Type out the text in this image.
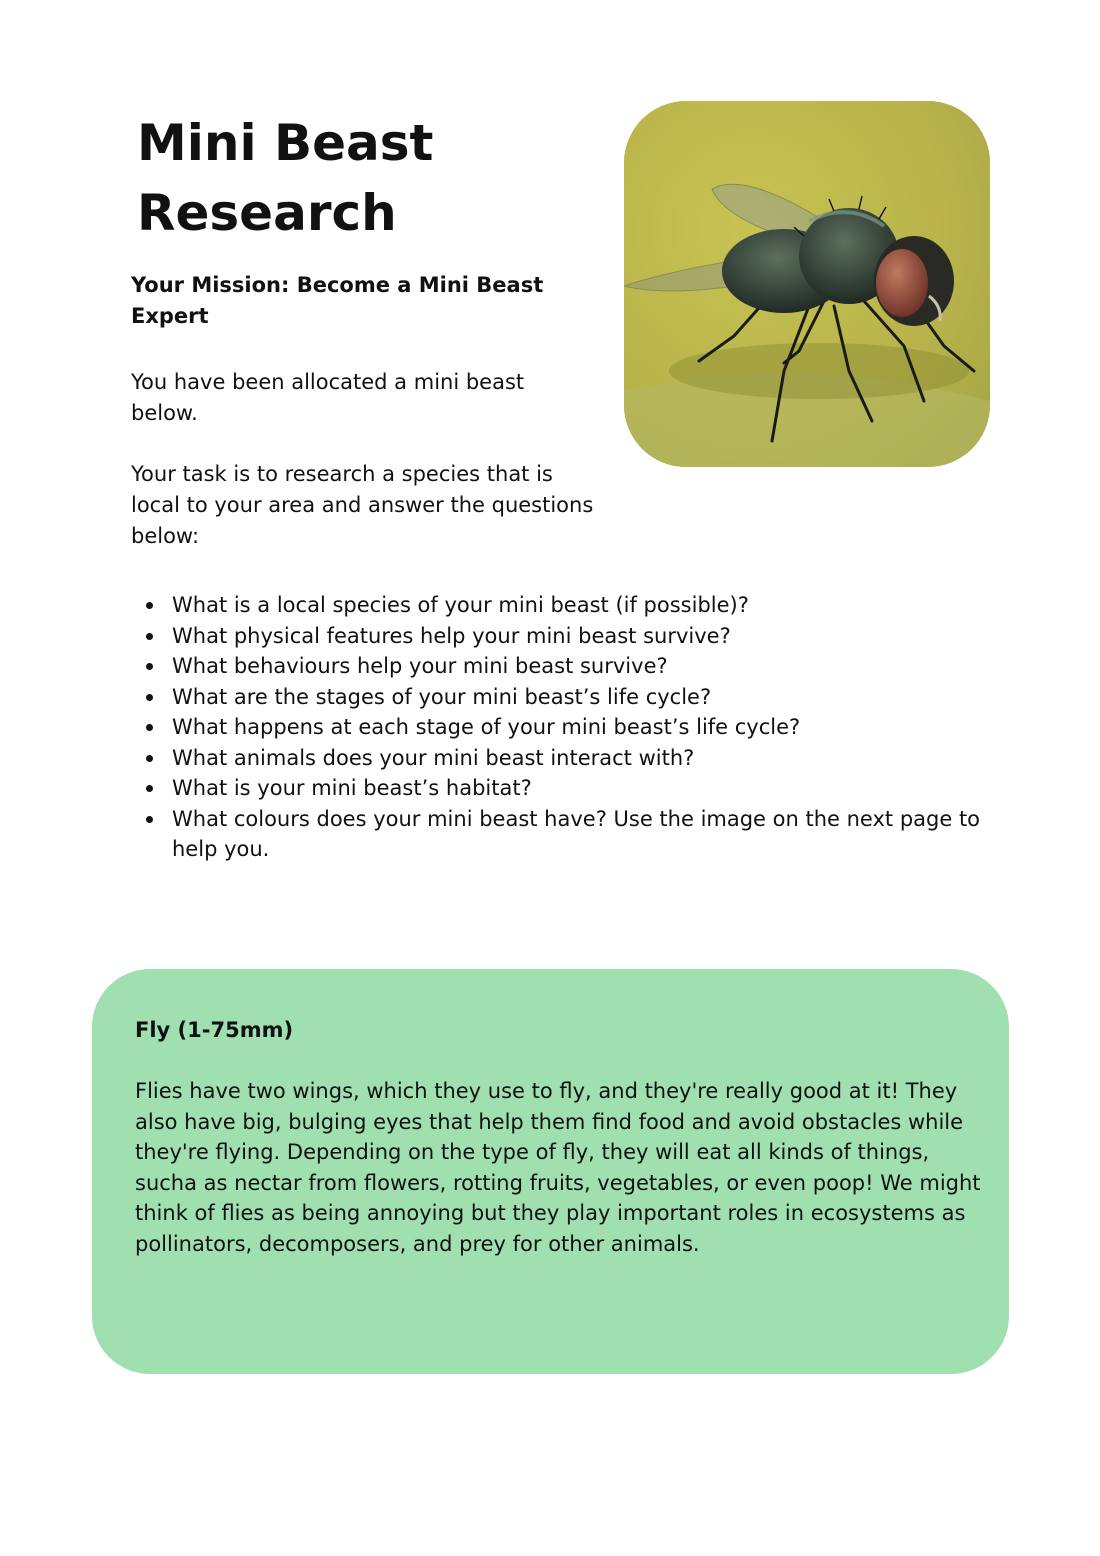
Mini Beast Research
Your Mission: Become a Mini Beast Expert

You have been allocated a mini beast below.

Your task is to research a species that is local to your area and answer the questions below:

What is a local species of your mini beast (if possible)?
What physical features help your mini beast survive?
What behaviours help your mini beast survive?
What are the stages of your mini beast’s life cycle?
What happens at each stage of your mini beast’s life cycle?
What animals does your mini beast interact with?
What is your mini beast’s habitat?
What colours does your mini beast have? Use the image on the next page to help you.
Fly (1-75mm)

Flies have two wings, which they use to fly, and they're really good at it! They also have big, bulging eyes that help them find food and avoid obstacles while they're flying. Depending on the type of fly, they will eat all kinds of things, sucha as nectar from flowers, rotting fruits, vegetables, or even poop! We might think of flies as being annoying but they play important roles in ecosystems as pollinators, decomposers, and prey for other animals.
